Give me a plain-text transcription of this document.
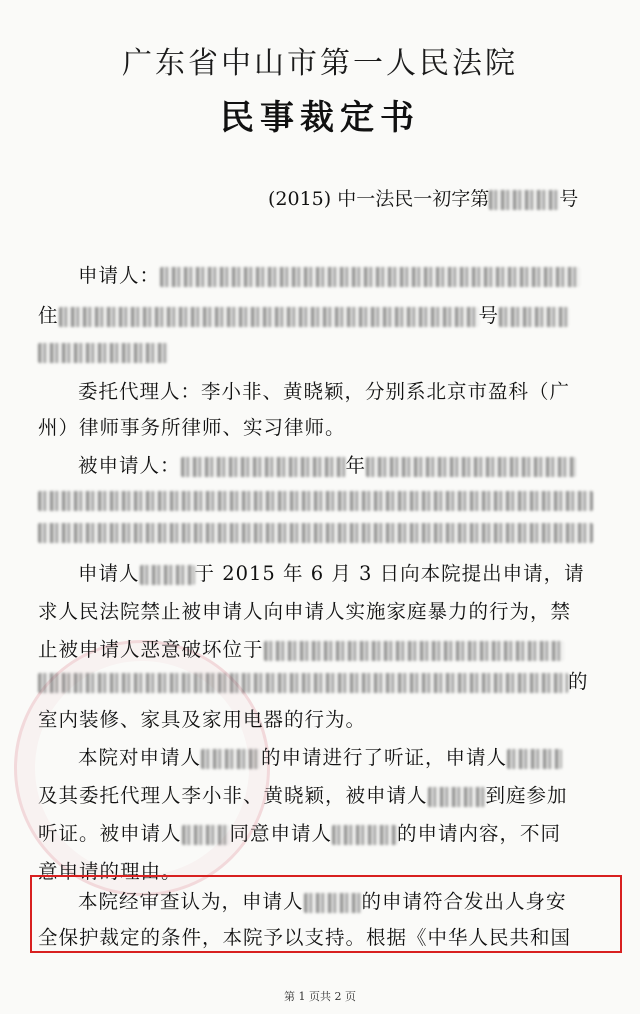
广东省中山市第一人民法院
民事裁定书
(2015) 中一法民一初字第	号
申请人：
住	号
委托代理人：李小非、黄晓颖，分别系北京市盈科（广
州）律师事务所律师、实习律师。
被申请人：	年
申请人	于 2015 年 6 月 3 日向本院提出申请，请
求人民法院禁止被申请人向申请人实施家庭暴力的行为，禁
止被申请人恶意破坏位于
的
室内装修、家具及家用电器的行为。
本院对申请人	的申请进行了听证，申请人
及其委托代理人李小非、黄晓颖，被申请人	到庭参加
听证。被申请人 同意申请人	的申请内容，不同
意申请的理由。
本院经审查认为，申请人	的申请符合发出人身安
全保护裁定的条件，本院予以支持。根据《中华人民共和国
第 1 页共 2 页
